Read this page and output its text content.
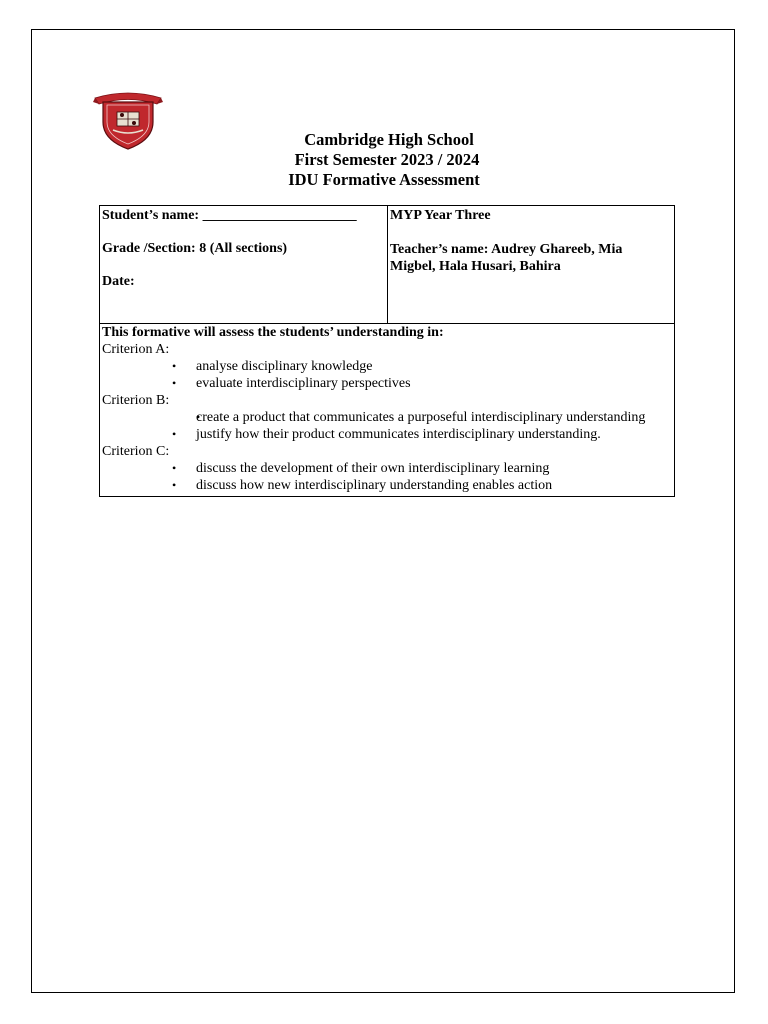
Cambridge High School
First Semester 2023 / 2024
IDU Formative Assessment
Student’s name: ______________________
Grade /Section: 8 (All sections)
Date:

MYP Year Three
Teacher’s name: Audrey Ghareeb, Mia
Migbel, Hala Husari, Bahira

This formative will assess the students’ understanding in:
Criterion A:
• analyse disciplinary knowledge
• evaluate interdisciplinary perspectives
Criterion B:
• create a product that communicates a purposeful interdisciplinary understanding
• justify how their product communicates interdisciplinary understanding.
Criterion C:
• discuss the development of their own interdisciplinary learning
• discuss how new interdisciplinary understanding enables action
